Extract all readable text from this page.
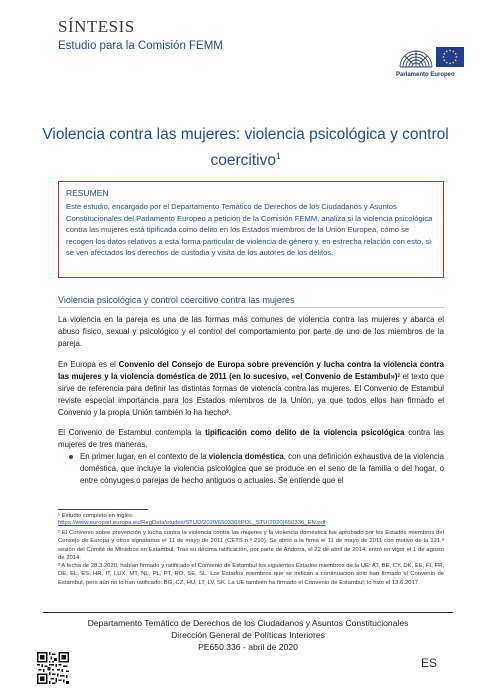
SÍNTESIS
Estudio para la Comisión FEMM
Parlamento Europeo
Violencia contra las mujeres: violencia psicológica y control coercitivo$^1$
RESUMEN
Este estudio, encargado por el Departamento Temático de Derechos de los Ciudadanos y Asuntos Constitucionales del Parlamento Europeo a petición de la Comisión FEMM, analiza si la violencia psicológica contra las mujeres está tipificada como delito en los Estados miembros de la Unión Europea, cómo se recogen los datos relativos a esta forma particular de violencia de género y, en estrecha relación con esto, si se ven afectados los derechos de custodia y visita de los autores de los delitos.
Violencia psicológica y control coercitivo contra las mujeres
La violencia en la pareja es una de las formas más comunes de violencia contra las mujeres y abarca el abuso físico, sexual y psicológico y el control del comportamiento por parte de uno de los miembros de la pareja.
En Europa es el Convenio del Consejo de Europa sobre prevención y lucha contra la violencia contra las mujeres y la violencia doméstica de 2011 (en lo sucesivo, «el Convenio de Estambul»)² el texto que sirve de referencia para definir las distintas formas de violencia contra las mujeres. El Convenio de Estambul reviste especial importancia para los Estados miembros de la Unión, ya que todos ellos han firmado el Convenio y la propia Unión también lo ha hecho³.
El Convenio de Estambul contempla la tipificación como delito de la violencia psicológica contra las mujeres de tres maneras.
En primer lugar, en el contexto de la violencia doméstica, con una definición exhaustiva de la violencia doméstica, que incluye la violencia psicológica que se produce en el seno de la familia o del hogar, o entre cónyuges o parejas de hecho antiguos o actuales. Se entiende que el
¹ Estudio completo en inglés:
https://www.europarl.europa.eu/RegData/etudes/STUD/2020/650336/IPOL_STU(2020)650336_EN.pdf
² El Convenio sobre prevención y lucha contra la violencia contra las mujeres y la violencia doméstica fue aprobado por los Estados miembros del Consejo de Europa y otros signatarios el 11 de mayo de 2011 (CETS n.º 210). Se abrió a la firma el 11 de mayo de 2011 con motivo de la 121.ª sesión del Comité de Ministros en Estambul. Tras su décima ratificación, por parte de Andorra, el 22 de abril de 2014, entró en vigor el 1 de agosto de 2014.
³ A fecha de 28.3.2020, habían firmado y ratificado el Convenio de Estambul los siguientes Estados miembros de la UE: AT, BE, CY, DK, EE, FI, FR, DE, EL, ES, HR, IT, LUX, MT, NL, PL, PT, RO, SE, SL. Los Estados miembros que se indican a continuación solo han firmado el Convenio de Estambul, pero aún no lo han ratificado: BG, CZ, HU, LT, LV, SK. La UE también ha firmado el Convenio de Estambul; lo hizo el 13.6.2017.
Departamento Temático de Derechos de los Ciudadanos y Asuntos Constitucionales
Dirección General de Políticas Interiores
PE650.336 - abril de 2020
ES
